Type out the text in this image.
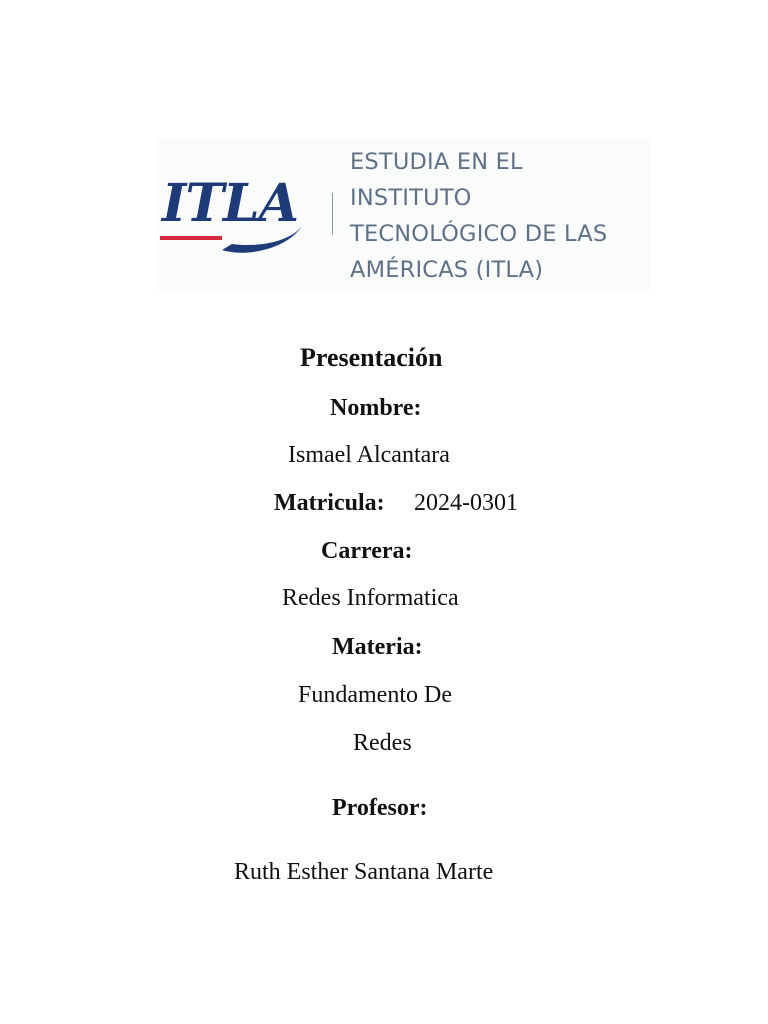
ITLA
ESTUDIA EN EL
INSTITUTO
TECNOLÓGICO DE LAS
AMÉRICAS (ITLA)
Presentación
Nombre:
Ismael Alcantara
Matricula: 2024-0301
Carrera:
Redes Informatica
Materia:
Fundamento De
Redes
Profesor:
Ruth Esther Santana Marte
